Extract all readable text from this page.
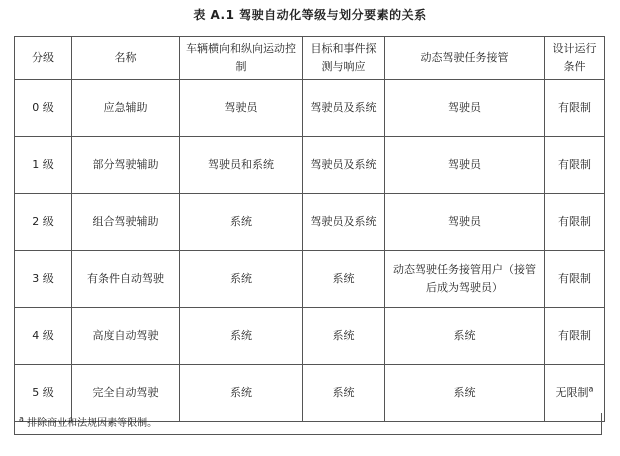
表 A.1 驾驶自动化等级与划分要素的关系
分级	名称	车辆横向和纵向运动控制	目标和事件探测与响应	动态驾驶任务接管	设计运行条件
0 级	应急辅助	驾驶员	驾驶员及系统	驾驶员	有限制
1 级	部分驾驶辅助	驾驶员和系统	驾驶员及系统	驾驶员	有限制
2 级	组合驾驶辅助	系统	驾驶员及系统	驾驶员	有限制
3 级	有条件自动驾驶	系统	系统	动态驾驶任务接管用户（接管后成为驾驶员）	有限制
4 级	高度自动驾驶	系统	系统	系统	有限制
5 级	完全自动驾驶	系统	系统	系统	无限制$^a$
$^a$ 排除商业和法规因素等限制。
